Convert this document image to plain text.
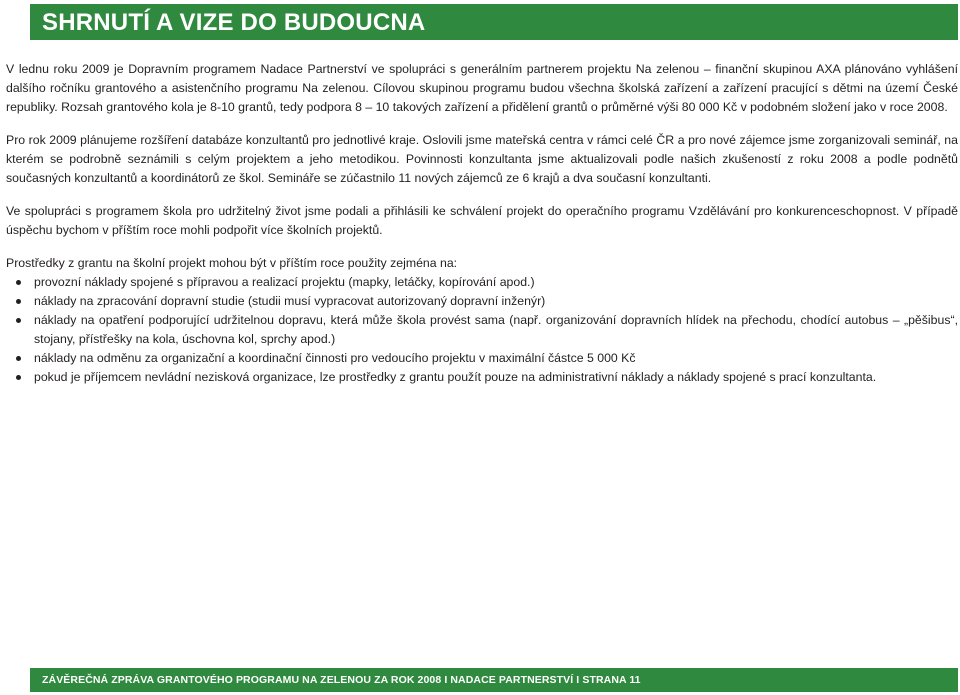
SHRNUTÍ A VIZE DO BUDOUCNA

V lednu roku 2009 je Dopravním programem Nadace Partnerství ve spolupráci s generálním partnerem projektu Na zelenou – finanční skupinou AXA plánováno vyhlášení dalšího ročníku grantového a asistenčního programu Na zelenou. Cílovou skupinou programu budou všechna školská zařízení a zařízení pracující s dětmi na území České republiky. Rozsah grantového kola je 8-10 grantů, tedy podpora 8 – 10 takových zařízení a přidělení grantů o průměrné výši 80 000 Kč v podobném složení jako v roce 2008.

Pro rok 2009 plánujeme rozšíření databáze konzultantů pro jednotlivé kraje. Oslovili jsme mateřská centra v rámci celé ČR a pro nové zájemce jsme zorganizovali seminář, na kterém se podrobně seznámili s celým projektem a jeho metodikou. Povinnosti konzultanta jsme aktualizovali podle našich zkušeností z roku 2008 a podle podnětů současných konzultantů a koordinátorů ze škol. Semináře se zúčastnilo 11 nových zájemců ze 6 krajů a dva současní konzultanti.

Ve spolupráci s programem škola pro udržitelný život jsme podali a přihlásili ke schválení projekt do operačního programu Vzdělávání pro konkurenceschopnost. V případě úspěchu bychom v příštím roce mohli podpořit více školních projektů.

Prostředky z grantu na školní projekt mohou být v příštím roce použity zejména na:

provozní náklady spojené s přípravou a realizací projektu (mapky, letáčky, kopírování apod.)
náklady na zpracování dopravní studie (studii musí vypracovat autorizovaný dopravní inženýr)
náklady na opatření podporující udržitelnou dopravu, která může škola provést sama (např. organizování dopravních hlídek na přechodu, chodící autobus – „pěšibus“, stojany, přístřešky na kola, úschovna kol, sprchy apod.)
náklady na odměnu za organizační a koordinační činnosti pro vedoucího projektu v maximální částce 5 000 Kč
pokud je příjemcem nevládní nezisková organizace, lze prostředky z grantu použít pouze na administrativní náklady a náklady spojené s prací konzultanta.
ZÁVĚREČNÁ ZPRÁVA GRANTOVÉHO PROGRAMU NA ZELENOU ZA ROK 2008 I NADACE PARTNERSTVÍ I STRANA 11
